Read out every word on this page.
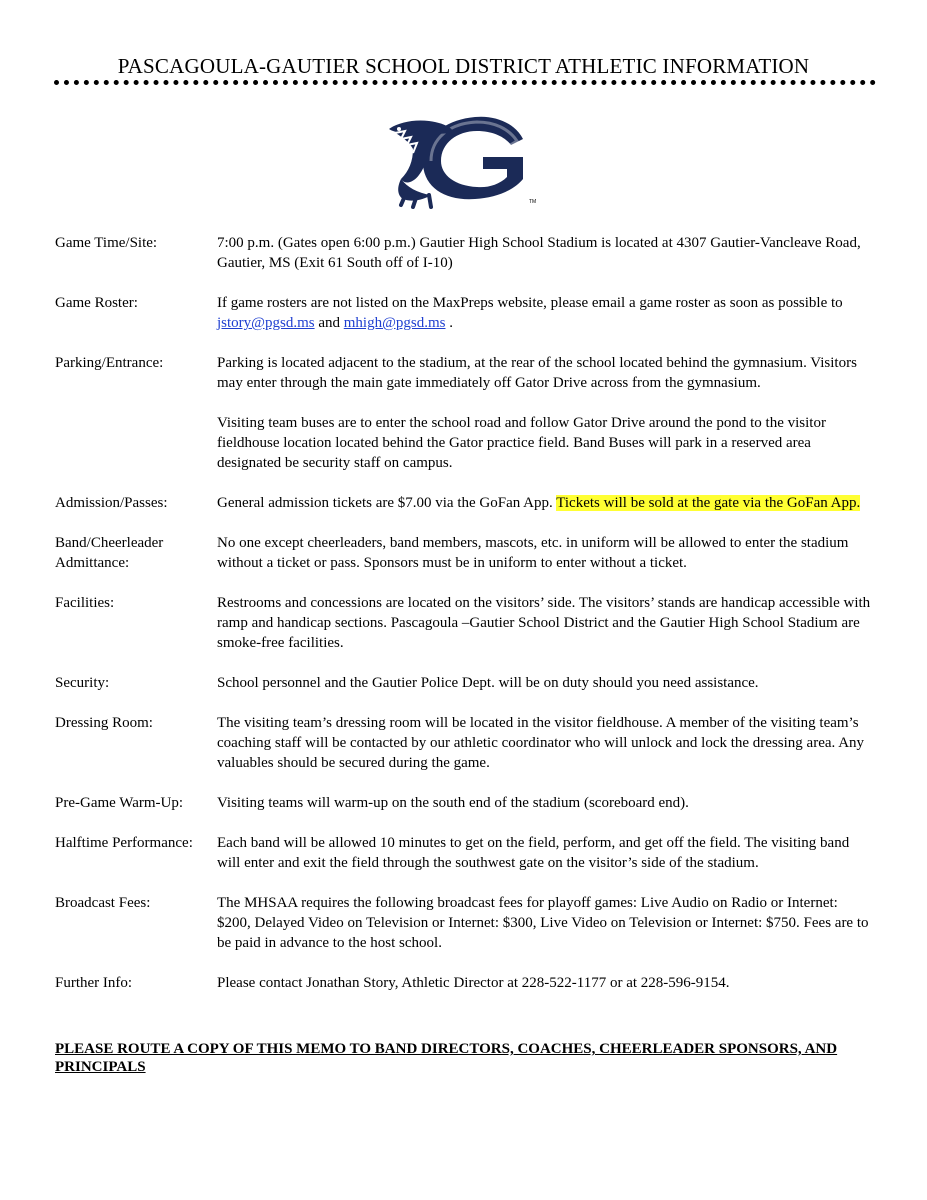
PASCAGOULA-GAUTIER SCHOOL DISTRICT ATHLETIC INFORMATION
TM
Game Time/Site:	7:00 p.m. (Gates open 6:00 p.m.) Gautier High School Stadium is located at 4307 Gautier-Vancleave Road, Gautier, MS (Exit 61 South off of I-10)
Game Roster:	If game rosters are not listed on the MaxPreps website, please email a game roster as soon as possible to jstory@pgsd.ms and mhigh@pgsd.ms .
Parking/Entrance:	Parking is located adjacent to the stadium, at the rear of the school located behind the gymnasium. Visitors may enter through the main gate immediately off Gator Drive across from the gymnasium.

Visiting team buses are to enter the school road and follow Gator Drive around the pond to the visitor fieldhouse location located behind the Gator practice field. Band Buses will park in a reserved area designated be security staff on campus.

Admission/Passes:	General admission tickets are $7.00 via the GoFan App. Tickets will be sold at the gate via the GoFan App.
Band/Cheerleader
Admittance:
No one except cheerleaders, band members, mascots, etc. in uniform will be allowed to enter the stadium without a ticket or pass. Sponsors must be in uniform to enter without a ticket.
Facilities:	Restrooms and concessions are located on the visitors’ side. The visitors’ stands are handicap accessible with ramp and handicap sections. Pascagoula –Gautier School District and the Gautier High School Stadium are smoke-free facilities.
Security:	School personnel and the Gautier Police Dept. will be on duty should you need assistance.
Dressing Room:	The visiting team’s dressing room will be located in the visitor fieldhouse. A member of the visiting team’s coaching staff will be contacted by our athletic coordinator who will unlock and lock the dressing area. Any valuables should be secured during the game.
Pre-Game Warm-Up:	Visiting teams will warm-up on the south end of the stadium (scoreboard end).
Halftime Performance:	Each band will be allowed 10 minutes to get on the field, perform, and get off the field. The visiting band will enter and exit the field through the southwest gate on the visitor’s side of the stadium.
Broadcast Fees:	The MHSAA requires the following broadcast fees for playoff games: Live Audio on Radio or Internet: $200, Delayed Video on Television or Internet: $300, Live Video on Television or Internet: $750. Fees are to be paid in advance to the host school.
Further Info:	Please contact Jonathan Story, Athletic Director at 228-522-1177 or at 228-596-9154.
PLEASE ROUTE A COPY OF THIS MEMO TO BAND DIRECTORS, COACHES, CHEERLEADER SPONSORS, AND PRINCIPALS
